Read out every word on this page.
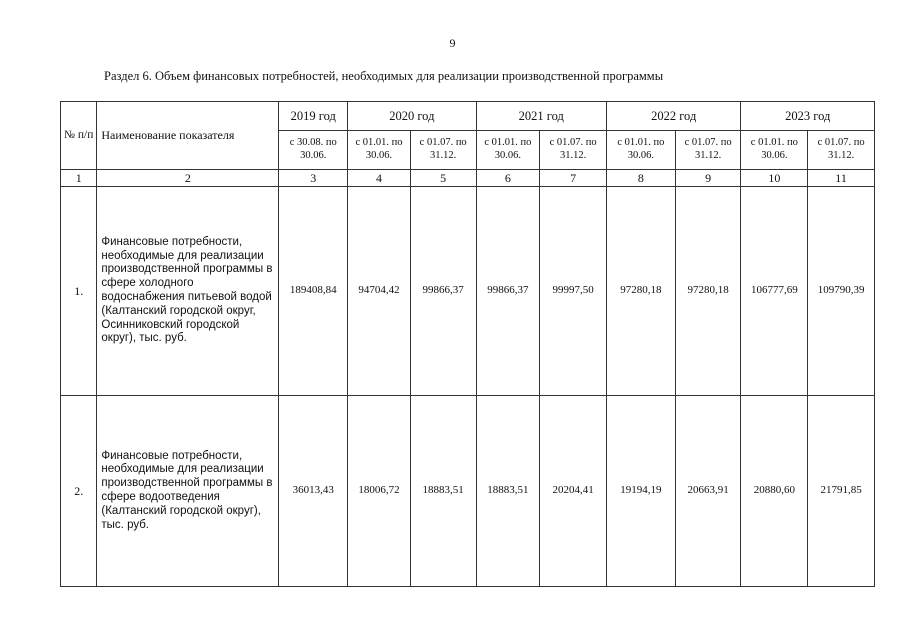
9
Раздел 6. Объем финансовых потребностей, необходимых для реализации производственной программы
№ п/п	Наименование показателя	2019 год	2020 год		2021 год		2022 год		2023 год	
		с 30.08. по 30.06.	с 01.01. по 30.06.	с 01.07. по 31.12.	с 01.01. по 30.06.	с 01.07. по 31.12.	с 01.01. по 30.06.	с 01.07. по 31.12.	с 01.01. по 30.06.	с 01.07. по 31.12.
1	2	3	4	5	6	7	8	9	10	11
1.	Финансовые потребности, необходимые для реализации производственной программы в сфере холодного водоснабжения питьевой водой (Калтанский городской округ, Осинниковский городской округ), тыс. руб.	189408,84	94704,42	99866,37	99866,37	99997,50	97280,18	97280,18	106777,69	109790,39
2.	Финансовые потребности, необходимые для реализации производственной программы в сфере водоотведения (Калтанский городской округ), тыс. руб.	36013,43	18006,72	18883,51	18883,51	20204,41	19194,19	20663,91	20880,60	21791,85
